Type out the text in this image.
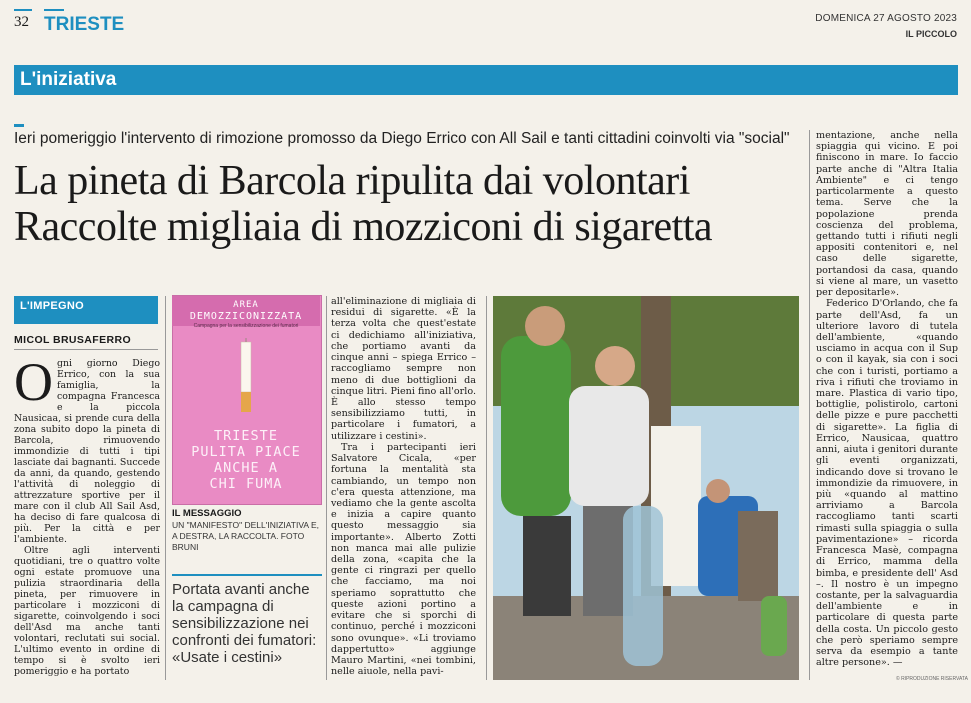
32 TRIESTE	DOMENICA 27 AGOSTO 2023
IL PICCOLO
L'iniziativa
Ieri pomeriggio l'intervento di rimozione promosso da Diego Errico con All Sail e tanti cittadini coinvolti via "social"
La pineta di Barcola ripulita dai volontari
Raccolte migliaia di mozziconi di sigaretta
L'IMPEGNO
MICOL BRUSAFERRO

Ogni giorno Diego Errico, con la sua famiglia, la compagna Francesca e la piccola Nausicaa, si prende cura della zona subito dopo la pineta di Barcola, rimuovendo immondizie di tutti i tipi lasciate dai bagnanti. Succede da anni, da quando, gestendo l'attività di noleggio di attrezzature sportive per il mare con il club All Sail Asd, ha deciso di fare qualcosa di più. Per la città e per l'ambiente.

Oltre agli interventi quotidiani, tre o quattro volte ogni estate promuove una pulizia straordinaria della pineta, per rimuovere in particolare i mozziconi di sigarette, coinvolgendo i soci dell'Asd ma anche tanti volontari, reclutati sui social. L'ultimo evento in ordine di tempo si è svolto ieri pomeriggio e ha portato

AREA
DEMOZZICONIZZATA
Campagna per la sensibilizzazione dei fumatori
TRIESTE
PULITA PIACE
ANCHE A
CHI FUMA
IL MESSAGGIO
UN "MANIFESTO" DELL'INIZIATIVA E, A DESTRA, LA RACCOLTA. FOTO BRUNI
Portata avanti anche la campagna di sensibilizzazione nei confronti dei fumatori: «Usate i cestini»

all'eliminazione di migliaia di residui di sigarette. «È la terza volta che quest'estate ci dedichiamo all'iniziativa, che portiamo avanti da cinque anni – spiega Errico – raccogliamo sempre non meno di due bottiglioni da cinque litri. Pieni fino all'orlo. È allo stesso tempo sensibilizziamo tutti, in particolare i fumatori, a utilizzare i cestini».

Tra i partecipanti ieri Salvatore Cicala, «per fortuna la mentalità sta cambiando, un tempo non c'era questa attenzione, ma vediamo che la gente ascolta e inizia a capire quanto questo messaggio sia importante». Alberto Zotti non manca mai alle pulizie della zona, «capita che la gente ci ringrazi per quello che facciamo, ma noi speriamo soprattutto che queste azioni portino a evitare che si sporchi di continuo, perché i mozziconi sono ovunque». «Li troviamo dappertutto» aggiunge Mauro Martini, «nei tombini, nelle aiuole, nella pavi-

© RIPRODUZIONE RISERVATA

mentazione, anche nella spiaggia qui vicino. E poi finiscono in mare. Io faccio parte anche di "Altra Italia Ambiente" e ci tengo particolarmente a questo tema. Serve che la popolazione prenda coscienza del problema, gettando tutti i rifiuti negli appositi contenitori e, nel caso delle sigarette, portandosi da casa, quando si viene al mare, un vasetto per depositarle».

Federico D'Orlando, che fa parte dell'Asd, fa un ulteriore lavoro di tutela dell'ambiente, «quando usciamo in acqua con il Sup o con il kayak, sia con i soci che con i turisti, portiamo a riva i rifiuti che troviamo in mare. Plastica di vario tipo, bottiglie, polistirolo, cartoni delle pizze e pure pacchetti di sigarette». La figlia di Errico, Nausicaa, quattro anni, aiuta i genitori durante gli eventi organizzati, indicando dove si trovano le immondizie da rimuovere, in più «quando al mattino arriviamo a Barcola raccogliamo tanti scarti rimasti sulla spiaggia o sulla pavimentazione» – ricorda Francesca Masè, compagna di Errico, mamma della bimba, e presidente dell' Asd –. Il nostro è un impegno costante, per la salvaguardia dell'ambiente e in particolare di questa parte della costa. Un piccolo gesto che però speriamo sempre serva da esempio a tante altre persone». —
